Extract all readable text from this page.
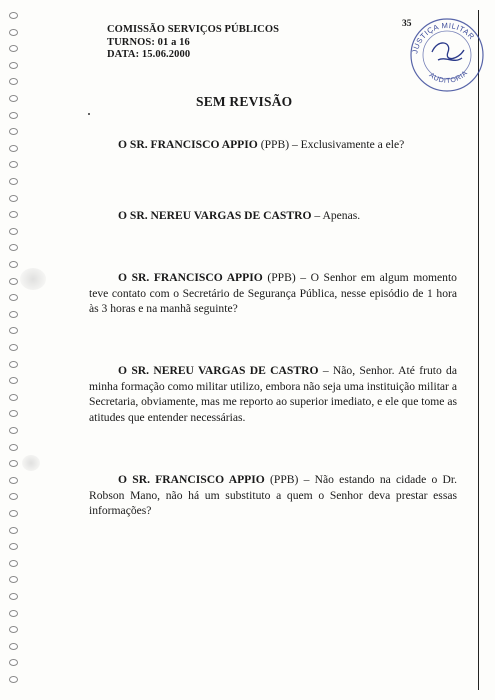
COMISSÃO SERVIÇOS PÚBLICOS
TURNOS: 01 a 16
DATA: 15.06.2000
35
JUSTIÇA MILITAR
AUDITORIA
SEM REVISÃO
O SR. FRANCISCO APPIO (PPB) – Exclusivamente a ele?
O SR. NEREU VARGAS DE CASTRO – Apenas.
O SR. FRANCISCO APPIO (PPB) – O Senhor em algum momento teve contato com o Secretário de Segurança Pública, nesse episódio de 1 hora às 3 horas e na manhã seguinte?
O SR. NEREU VARGAS DE CASTRO – Não, Senhor. Até fruto da minha formação como militar utilizo, embora não seja uma instituição militar a Secretaria, obviamente, mas me reporto ao superior imediato, e ele que tome as atitudes que entender necessárias.
O SR. FRANCISCO APPIO (PPB) – Não estando na cidade o Dr. Robson Mano, não há um substituto a quem o Senhor deva prestar essas informações?
